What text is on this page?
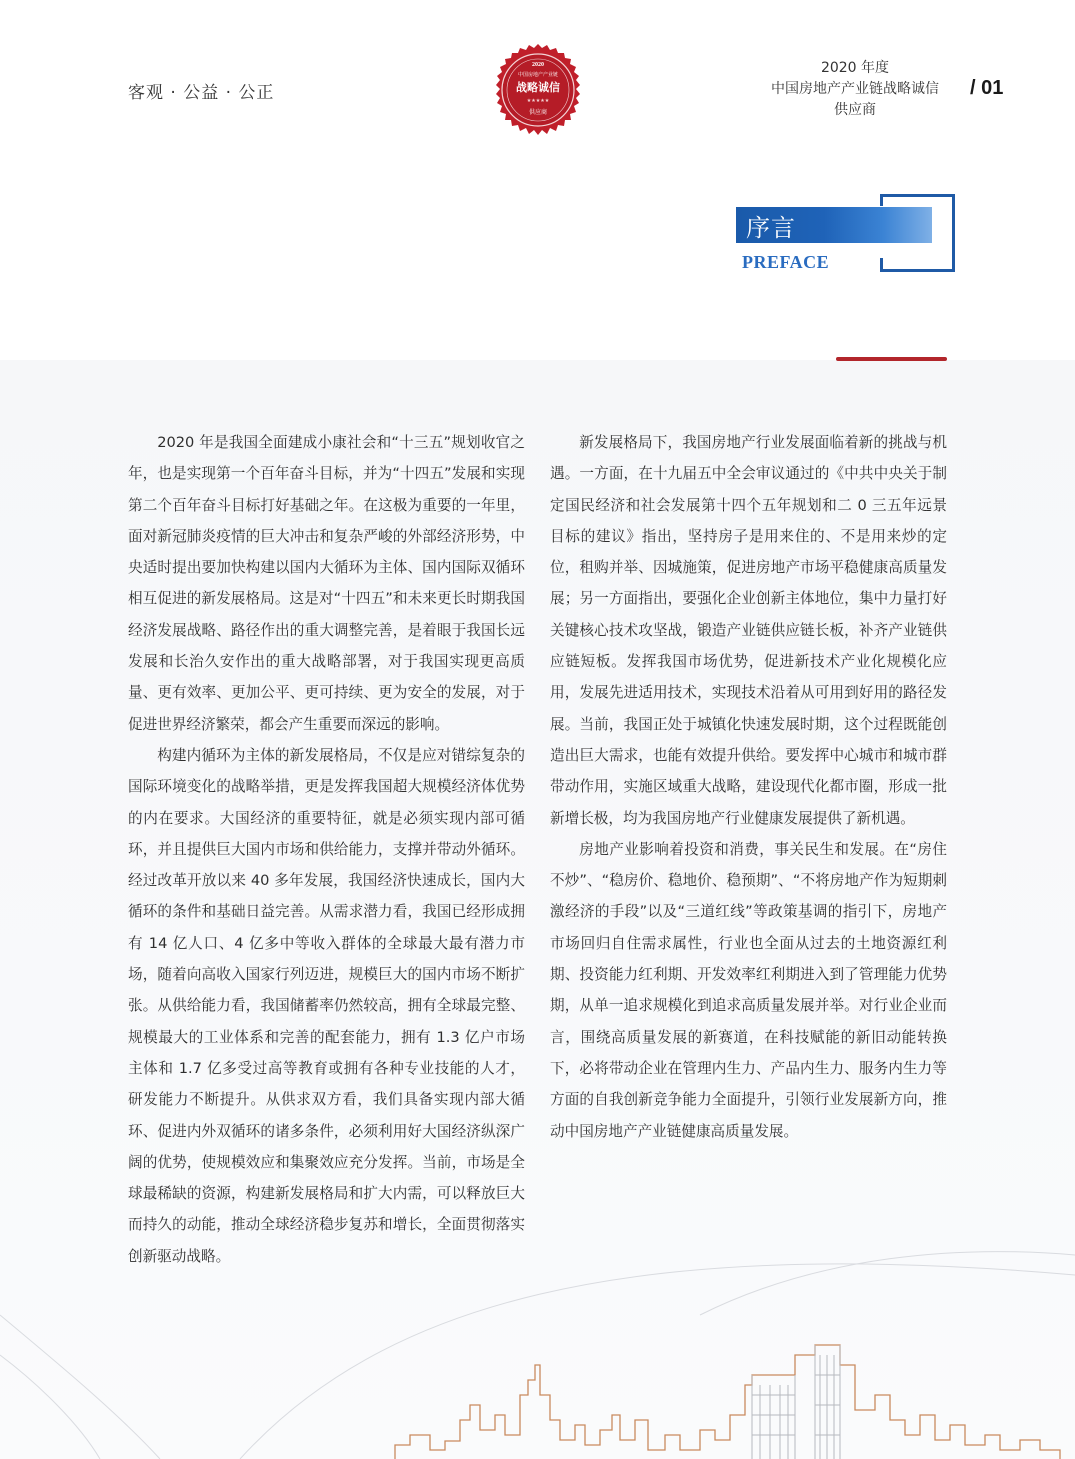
客观 · 公益 · 公正
2020
中国房地产产业链
战略诚信
★★★★★
供应商
2020 年度
中国房地产产业链战略诚信
供应商
/ 01
序言
PREFACE

2020 年是我国全面建成小康社会和“十三五”规划收官之年，也是实现第一个百年奋斗目标，并为“十四五”发展和实现第二个百年奋斗目标打好基础之年。在这极为重要的一年里，面对新冠肺炎疫情的巨大冲击和复杂严峻的外部经济形势，中央适时提出要加快构建以国内大循环为主体、国内国际双循环相互促进的新发展格局。这是对“十四五”和未来更长时期我国经济发展战略、路径作出的重大调整完善，是着眼于我国长远发展和长治久安作出的重大战略部署，对于我国实现更高质量、更有效率、更加公平、更可持续、更为安全的发展，对于促进世界经济繁荣，都会产生重要而深远的影响。

构建内循环为主体的新发展格局，不仅是应对错综复杂的国际环境变化的战略举措，更是发挥我国超大规模经济体优势的内在要求。大国经济的重要特征，就是必须实现内部可循环，并且提供巨大国内市场和供给能力，支撑并带动外循环。经过改革开放以来 40 多年发展，我国经济快速成长，国内大循环的条件和基础日益完善。从需求潜力看，我国已经形成拥有 14 亿人口、4 亿多中等收入群体的全球最大最有潜力市场，随着向高收入国家行列迈进，规模巨大的国内市场不断扩张。从供给能力看，我国储蓄率仍然较高，拥有全球最完整、规模最大的工业体系和完善的配套能力，拥有 1.3 亿户市场主体和 1.7 亿多受过高等教育或拥有各种专业技能的人才，研发能力不断提升。从供求双方看，我们具备实现内部大循环、促进内外双循环的诸多条件，必须利用好大国经济纵深广阔的优势，使规模效应和集聚效应充分发挥。当前，市场是全球最稀缺的资源，构建新发展格局和扩大内需，可以释放巨大而持久的动能，推动全球经济稳步复苏和增长，全面贯彻落实创新驱动战略。

新发展格局下，我国房地产行业发展面临着新的挑战与机遇。一方面，在十九届五中全会审议通过的《中共中央关于制定国民经济和社会发展第十四个五年规划和二 0 三五年远景目标的建议》指出，坚持房子是用来住的、不是用来炒的定位，租购并举、因城施策，促进房地产市场平稳健康高质量发展；另一方面指出，要强化企业创新主体地位，集中力量打好关键核心技术攻坚战，锻造产业链供应链长板，补齐产业链供应链短板。发挥我国市场优势，促进新技术产业化规模化应用，发展先进适用技术，实现技术沿着从可用到好用的路径发展。当前，我国正处于城镇化快速发展时期，这个过程既能创造出巨大需求，也能有效提升供给。要发挥中心城市和城市群带动作用，实施区域重大战略，建设现代化都市圈，形成一批新增长极，均为我国房地产行业健康发展提供了新机遇。

房地产业影响着投资和消费，事关民生和发展。在“房住不炒”、“稳房价、稳地价、稳预期”、“不将房地产作为短期刺激经济的手段”以及“三道红线”等政策基调的指引下，房地产市场回归自住需求属性，行业也全面从过去的土地资源红利期、投资能力红利期、开发效率红利期进入到了管理能力优势期，从单一追求规模化到追求高质量发展并举。对行业企业而言，围绕高质量发展的新赛道，在科技赋能的新旧动能转换下，必将带动企业在管理内生力、产品内生力、服务内生力等方面的自我创新竞争能力全面提升，引领行业发展新方向，推动中国房地产产业链健康高质量发展。
